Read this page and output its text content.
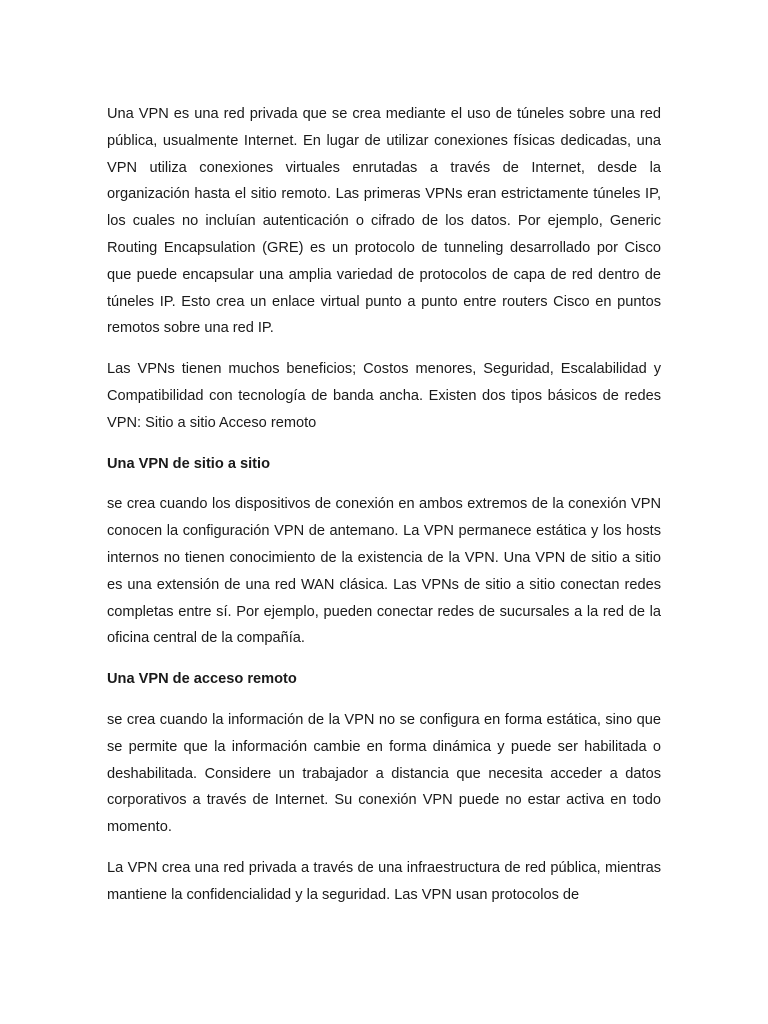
Una VPN es una red privada que se crea mediante el uso de túneles sobre una red pública, usualmente Internet. En lugar de utilizar conexiones físicas dedicadas, una VPN utiliza conexiones virtuales enrutadas a través de Internet, desde la organización hasta el sitio remoto. Las primeras VPNs eran estrictamente túneles IP, los cuales no incluían autenticación o cifrado de los datos. Por ejemplo, Generic Routing Encapsulation (GRE) es un protocolo de tunneling desarrollado por Cisco que puede encapsular una amplia variedad de protocolos de capa de red dentro de túneles IP. Esto crea un enlace virtual punto a punto entre routers Cisco en puntos remotos sobre una red IP.

Las VPNs tienen muchos beneficios; Costos menores, Seguridad, Escalabilidad y Compatibilidad con tecnología de banda ancha. Existen dos tipos básicos de redes VPN: Sitio a sitio Acceso remoto

Una VPN de sitio a sitio

se crea cuando los dispositivos de conexión en ambos extremos de la conexión VPN conocen la configuración VPN de antemano. La VPN permanece estática y los hosts internos no tienen conocimiento de la existencia de la VPN. Una VPN de sitio a sitio es una extensión de una red WAN clásica. Las VPNs de sitio a sitio conectan redes completas entre sí. Por ejemplo, pueden conectar redes de sucursales a la red de la oficina central de la compañía.

Una VPN de acceso remoto

se crea cuando la información de la VPN no se configura en forma estática, sino que se permite que la información cambie en forma dinámica y puede ser habilitada o deshabilitada. Considere un trabajador a distancia que necesita acceder a datos corporativos a través de Internet. Su conexión VPN puede no estar activa en todo momento.

La VPN crea una red privada a través de una infraestructura de red pública, mientras mantiene la confidencialidad y la seguridad. Las VPN usan protocolos de
